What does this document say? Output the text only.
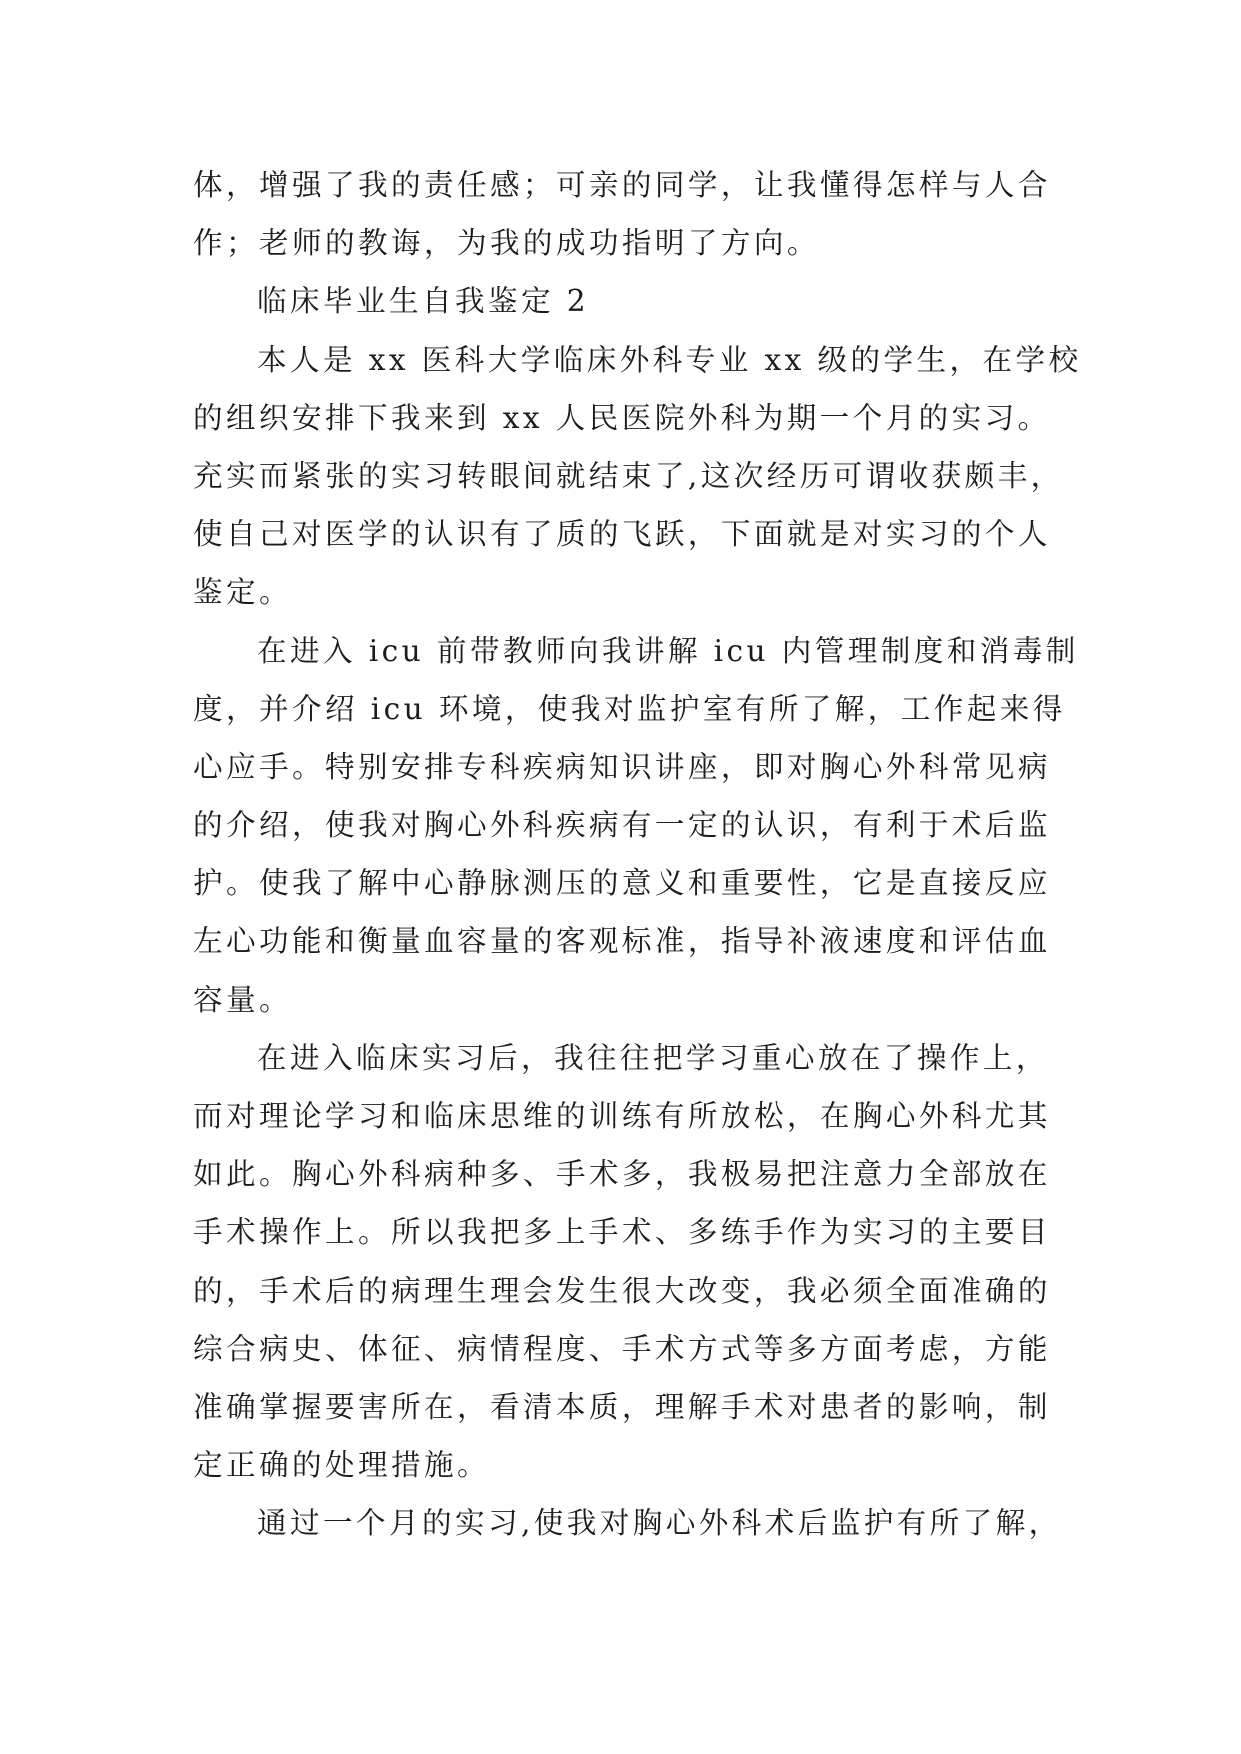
体，增强了我的责任感；可亲的同学，让我懂得怎样与人合
作；老师的教诲，为我的成功指明了方向。
临床毕业生自我鉴定 2
本人是 xx 医科大学临床外科专业 xx 级的学生，在学校
的组织安排下我来到 xx 人民医院外科为期一个月的实习。
充实而紧张的实习转眼间就结束了,这次经历可谓收获颇丰，
使自己对医学的认识有了质的飞跃，下面就是对实习的个人
鉴定。
在进入 icu 前带教师向我讲解 icu 内管理制度和消毒制
度，并介绍 icu 环境，使我对监护室有所了解，工作起来得
心应手。特别安排专科疾病知识讲座，即对胸心外科常见病
的介绍，使我对胸心外科疾病有一定的认识，有利于术后监
护。使我了解中心静脉测压的意义和重要性，它是直接反应
左心功能和衡量血容量的客观标准，指导补液速度和评估血
容量。
在进入临床实习后，我往往把学习重心放在了操作上，
而对理论学习和临床思维的训练有所放松，在胸心外科尤其
如此。胸心外科病种多、手术多，我极易把注意力全部放在
手术操作上。所以我把多上手术、多练手作为实习的主要目
的，手术后的病理生理会发生很大改变，我必须全面准确的
综合病史、体征、病情程度、手术方式等多方面考虑，方能
准确掌握要害所在，看清本质，理解手术对患者的影响，制
定正确的处理措施。
通过一个月的实习,使我对胸心外科术后监护有所了解，
